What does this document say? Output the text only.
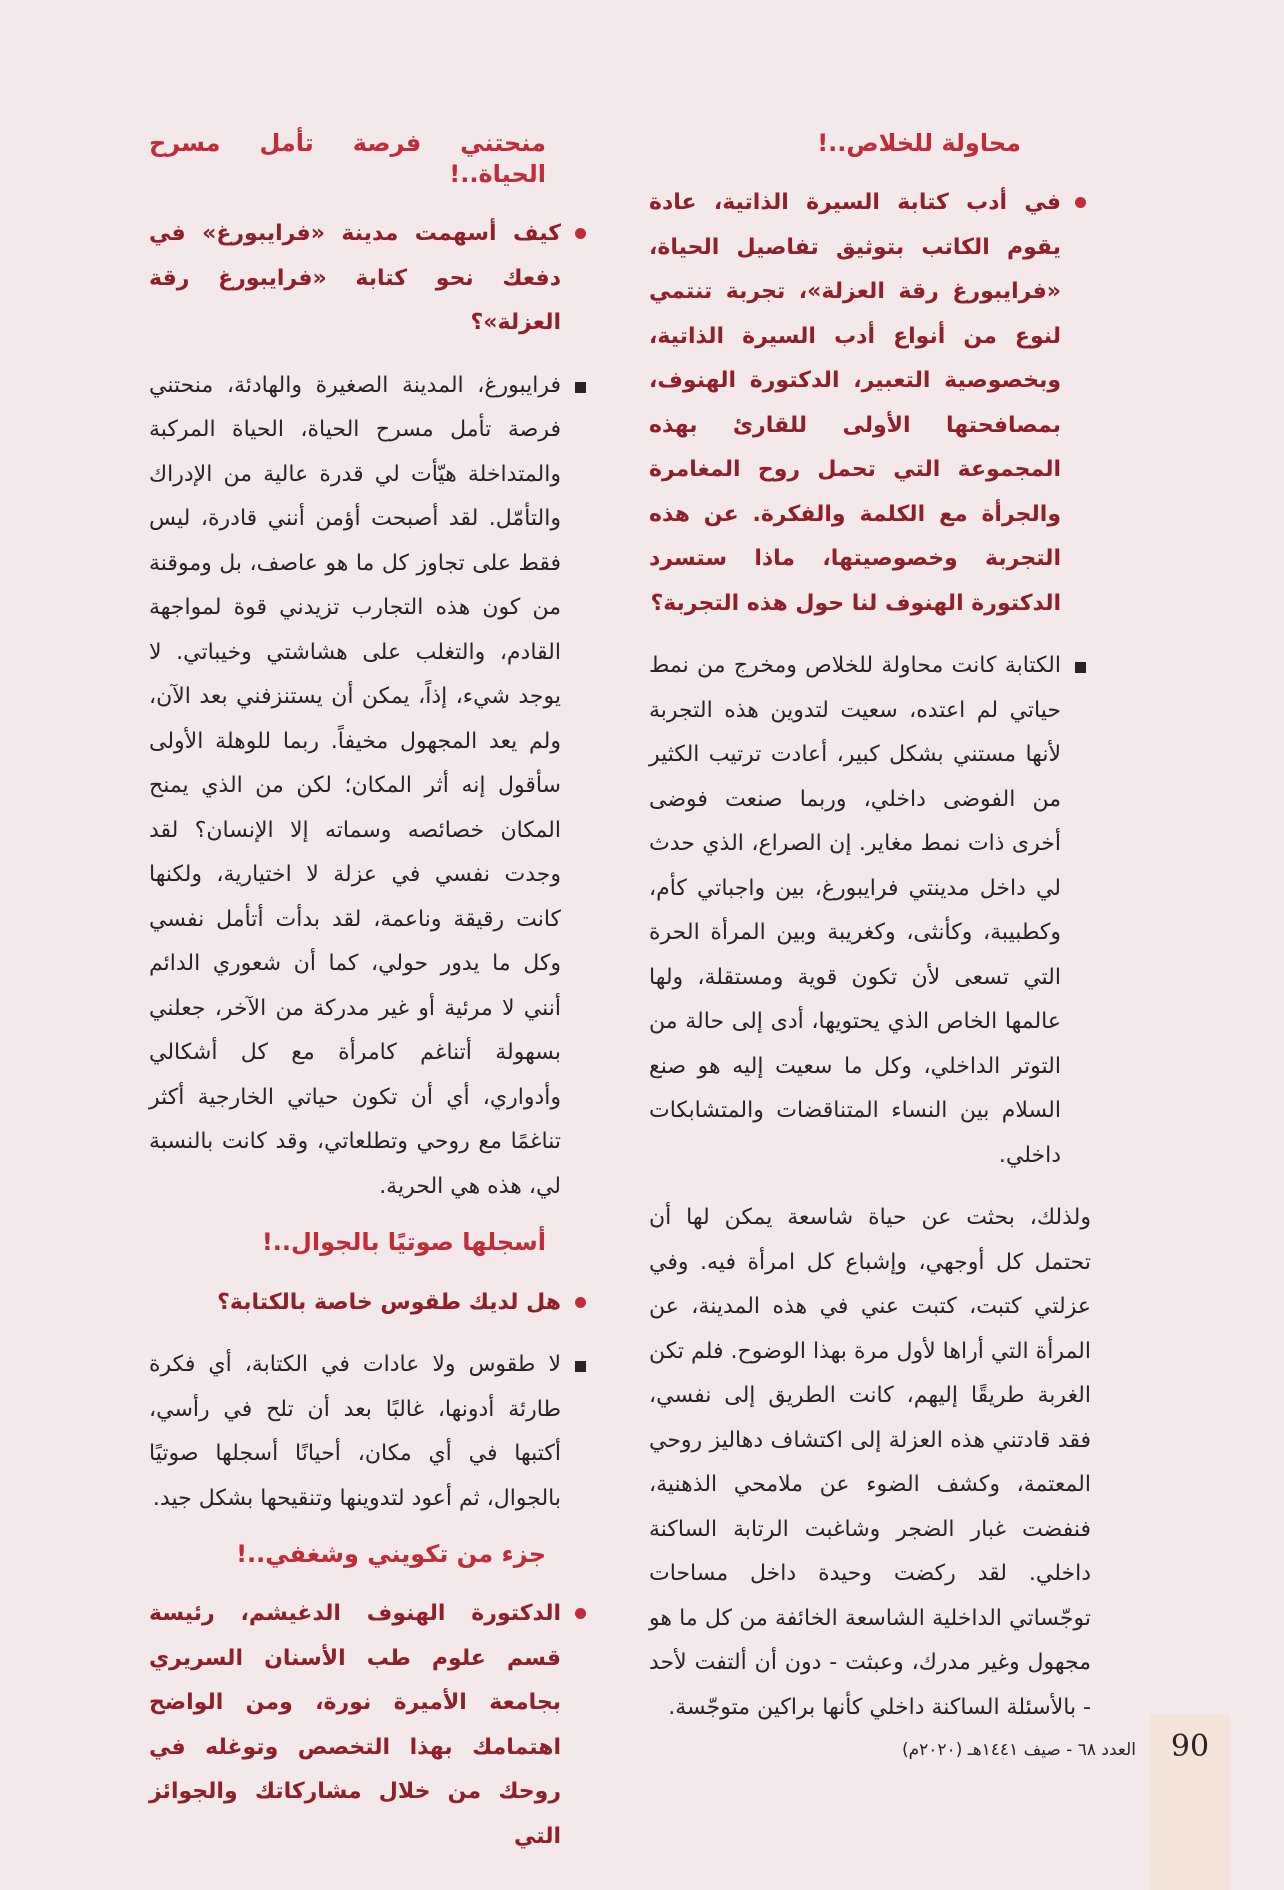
محاولة للخلاص..!
في أدب كتابة السيرة الذاتية، عادة يقوم الكاتب بتوثيق تفاصيل الحياة، «فرايبورغ رقة العزلة»، تجربة تنتمي لنوع من أنواع أدب السيرة الذاتية، وبخصوصية التعبير، الدكتورة الهنوف، بمصافحتها الأولى للقارئ بهذه المجموعة التي تحمل روح المغامرة والجرأة مع الكلمة والفكرة. عن هذه التجربة وخصوصيتها، ماذا ستسرد الدكتورة الهنوف لنا حول هذه التجربة؟
الكتابة كانت محاولة للخلاص ومخرج من نمط حياتي لم اعتده، سعيت لتدوين هذه التجربة لأنها مستني بشكل كبير، أعادت ترتيب الكثير من الفوضى داخلي، وربما صنعت فوضى أخرى ذات نمط مغاير. إن الصراع، الذي حدث لي داخل مدينتي فرايبورغ، بين واجباتي كأم، وكطبيبة، وكأنثى، وكغريبة وبين المرأة الحرة التي تسعى لأن تكون قوية ومستقلة، ولها عالمها الخاص الذي يحتويها، أدى إلى حالة من التوتر الداخلي، وكل ما سعيت إليه هو صنع السلام بين النساء المتناقضات والمتشابكات داخلي.
ولذلك، بحثت عن حياة شاسعة يمكن لها أن تحتمل كل أوجهي، وإشباع كل امرأة فيه. وفي عزلتي كتبت، كتبت عني في هذه المدينة، عن المرأة التي أراها لأول مرة بهذا الوضوح. فلم تكن الغربة طريقًا إليهم، كانت الطريق إلى نفسي، فقد قادتني هذه العزلة إلى اكتشاف دهاليز روحي المعتمة، وكشف الضوء عن ملامحي الذهنية، فنفضت غبار الضجر وشاغبت الرتابة الساكنة داخلي. لقد ركضت وحيدة داخل مساحات توجّساتي الداخلية الشاسعة الخائفة من كل ما هو مجهول وغير مدرك، وعبثت - دون أن ألتفت لأحد - بالأسئلة الساكنة داخلي كأنها براكين متوجّسة.
منحتني فرصة تأمل مسرح الحياة..!
كيف أسهمت مدينة «فرايبورغ» في دفعك نحو كتابة «فرايبورغ رقة العزلة»؟
فرايبورغ، المدينة الصغيرة والهادئة، منحتني فرصة تأمل مسرح الحياة، الحياة المركبة والمتداخلة هيّأت لي قدرة عالية من الإدراك والتأمّل. لقد أصبحت أؤمن أنني قادرة، ليس فقط على تجاوز كل ما هو عاصف، بل وموقنة من كون هذه التجارب تزيدني قوة لمواجهة القادم، والتغلب على هشاشتي وخيباتي. لا يوجد شيء، إذاً، يمكن أن يستنزفني بعد الآن، ولم يعد المجهول مخيفاً. ربما للوهلة الأولى سأقول إنه أثر المكان؛ لكن من الذي يمنح المكان خصائصه وسماته إلا الإنسان؟ لقد وجدت نفسي في عزلة لا اختيارية، ولكنها كانت رقيقة وناعمة، لقد بدأت أتأمل نفسي وكل ما يدور حولي، كما أن شعوري الدائم أنني لا مرئية أو غير مدركة من الآخر، جعلني بسهولة أتناغم كامرأة مع كل أشكالي وأدواري، أي أن تكون حياتي الخارجية أكثر تناغمًا مع روحي وتطلعاتي، وقد كانت بالنسبة لي، هذه هي الحرية.
أسجلها صوتيًا بالجوال..!
هل لديك طقوس خاصة بالكتابة؟
لا طقوس ولا عادات في الكتابة، أي فكرة طارئة أدونها، غالبًا بعد أن تلح في رأسي، أكتبها في أي مكان، أحيانًا أسجلها صوتيًا بالجوال، ثم أعود لتدوينها وتنقيحها بشكل جيد.
جزء من تكويني وشغفي..!
الدكتورة الهنوف الدغيشم، رئيسة قسم علوم طب الأسنان السريري بجامعة الأميرة نورة، ومن الواضح اهتمامك بهذا التخصص وتوغله في روحك من خلال مشاركاتك والجوائز التي
90
العدد ٦٨ - صيف ١٤٤١هـ (٢٠٢٠م)
